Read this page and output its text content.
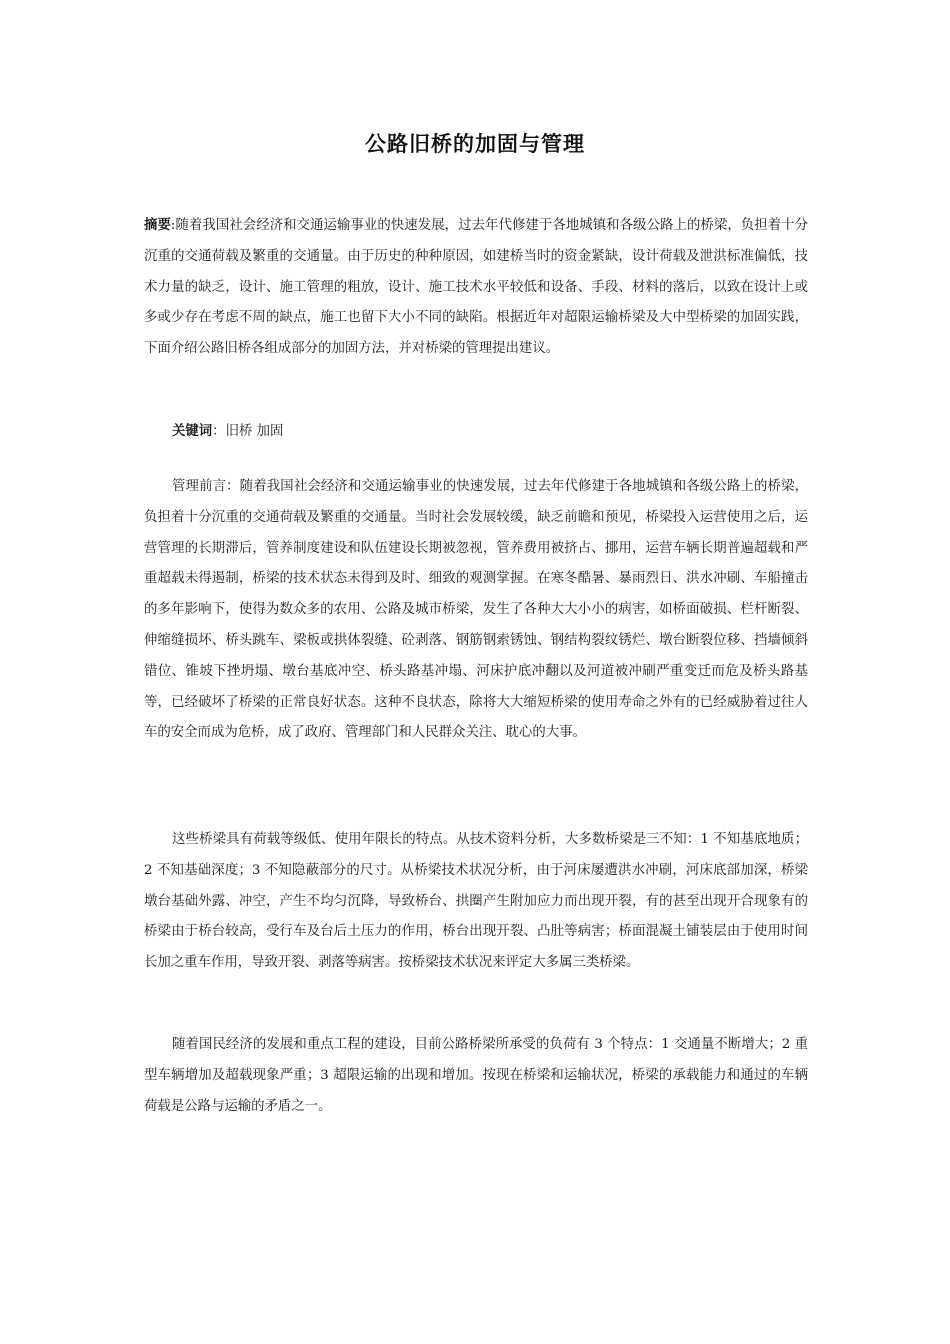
公路旧桥的加固与管理
摘要:随着我国社会经济和交通运输事业的快速发展，过去年代修建于各地城镇和各级公路上的桥梁，负担着十分沉重的交通荷载及繁重的交通量。由于历史的种种原因，如建桥当时的资金紧缺，设计荷载及泄洪标准偏低，技术力量的缺乏，设计、施工管理的粗放，设计、施工技术水平较低和设备、手段、材料的落后，以致在设计上或多或少存在考虑不周的缺点，施工也留下大小不同的缺陷。根据近年对超限运输桥梁及大中型桥梁的加固实践，下面介绍公路旧桥各组成部分的加固方法，并对桥梁的管理提出建议。
关键词：旧桥 加固
管理前言：随着我国社会经济和交通运输事业的快速发展，过去年代修建于各地城镇和各级公路上的桥梁，负担着十分沉重的交通荷载及繁重的交通量。当时社会发展较缓，缺乏前瞻和预见，桥梁投入运营使用之后，运营管理的长期滞后，管养制度建设和队伍建设长期被忽视，管养费用被挤占、挪用，运营车辆长期普遍超载和严重超载未得遏制，桥梁的技术状态未得到及时、细致的观测掌握。在寒冬酷暑、暴雨烈日、洪水冲刷、车船撞击的多年影响下，使得为数众多的农用、公路及城市桥梁，发生了各种大大小小的病害，如桥面破损、栏杆断裂、伸缩缝损坏、桥头跳车、梁板或拱体裂缝、砼剥落、钢筋钢索锈蚀、钢结构裂纹锈烂、墩台断裂位移、挡墙倾斜错位、锥坡下挫坍塌、墩台基底冲空、桥头路基冲塌、河床护底冲翻以及河道被冲刷严重变迁而危及桥头路基等，已经破坏了桥梁的正常良好状态。这种不良状态，除将大大缩短桥梁的使用寿命之外有的已经威胁着过往人车的安全而成为危桥，成了政府、管理部门和人民群众关注、耽心的大事。
这些桥梁具有荷载等级低、使用年限长的特点。从技术资料分析，大多数桥梁是三不知：1 不知基底地质；2 不知基础深度；3 不知隐蔽部分的尺寸。从桥梁技术状况分析，由于河床屡遭洪水冲刷，河床底部加深，桥梁墩台基础外露、冲空，产生不均匀沉降，导致桥台、拱圈产生附加应力而出现开裂，有的甚至出现开合现象有的桥梁由于桥台较高，受行车及台后土压力的作用，桥台出现开裂、凸肚等病害；桥面混凝土铺装层由于使用时间长加之重车作用，导致开裂、剥落等病害。按桥梁技术状况来评定大多属三类桥梁。
随着国民经济的发展和重点工程的建设，目前公路桥梁所承受的负荷有 3 个特点：1 交通量不断增大；2 重型车辆增加及超载现象严重；3 超限运输的出现和增加。按现在桥梁和运输状况，桥梁的承载能力和通过的车辆荷载是公路与运输的矛盾之一。
